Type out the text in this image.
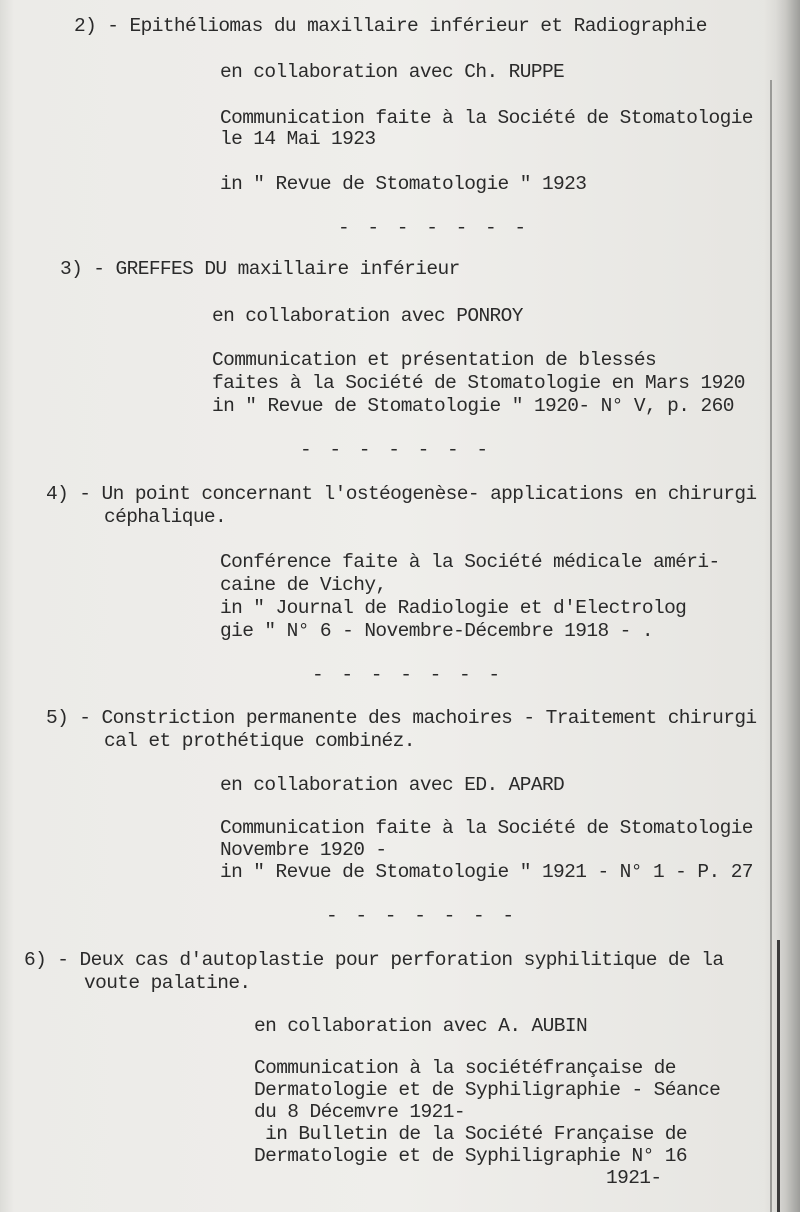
2) - Epithéliomas du maxillaire inférieur et Radiographie
en collaboration avec Ch. RUPPE
Communication faite à la Société de Stomatologie
le 14 Mai 1923
in " Revue de Stomatologie " 1923
- - - - - - -
3) - GREFFES DU maxillaire inférieur
en collaboration avec PONROY
Communication et présentation de blessés
faites à la Société de Stomatologie en Mars 1920
in " Revue de Stomatologie " 1920- N° V, p. 260
- - - - - - -
4) - Un point concernant l'ostéogenèse- applications en chirurgi
céphalique.
Conférence faite à la Société médicale améri-
caine de Vichy,
in " Journal de Radiologie et d'Electrolog
gie " N° 6 - Novembre-Décembre 1918 - .
- - - - - - -
5) - Constriction permanente des machoires - Traitement chirurgi
cal et prothétique combinéz.
en collaboration avec ED. APARD
Communication faite à la Société de Stomatologie
Novembre 1920 -
in " Revue de Stomatologie " 1921 - N° 1 - P. 27
- - - - - - -
6) - Deux cas d'autoplastie pour perforation syphilitique de la
voute palatine.
en collaboration avec A. AUBIN
Communication à la sociétéfrançaise de
Dermatologie et de Syphiligraphie - Séance
du 8 Décemvre 1921-
in Bulletin de la Société Française de
Dermatologie et de Syphiligraphie N° 16
1921-
